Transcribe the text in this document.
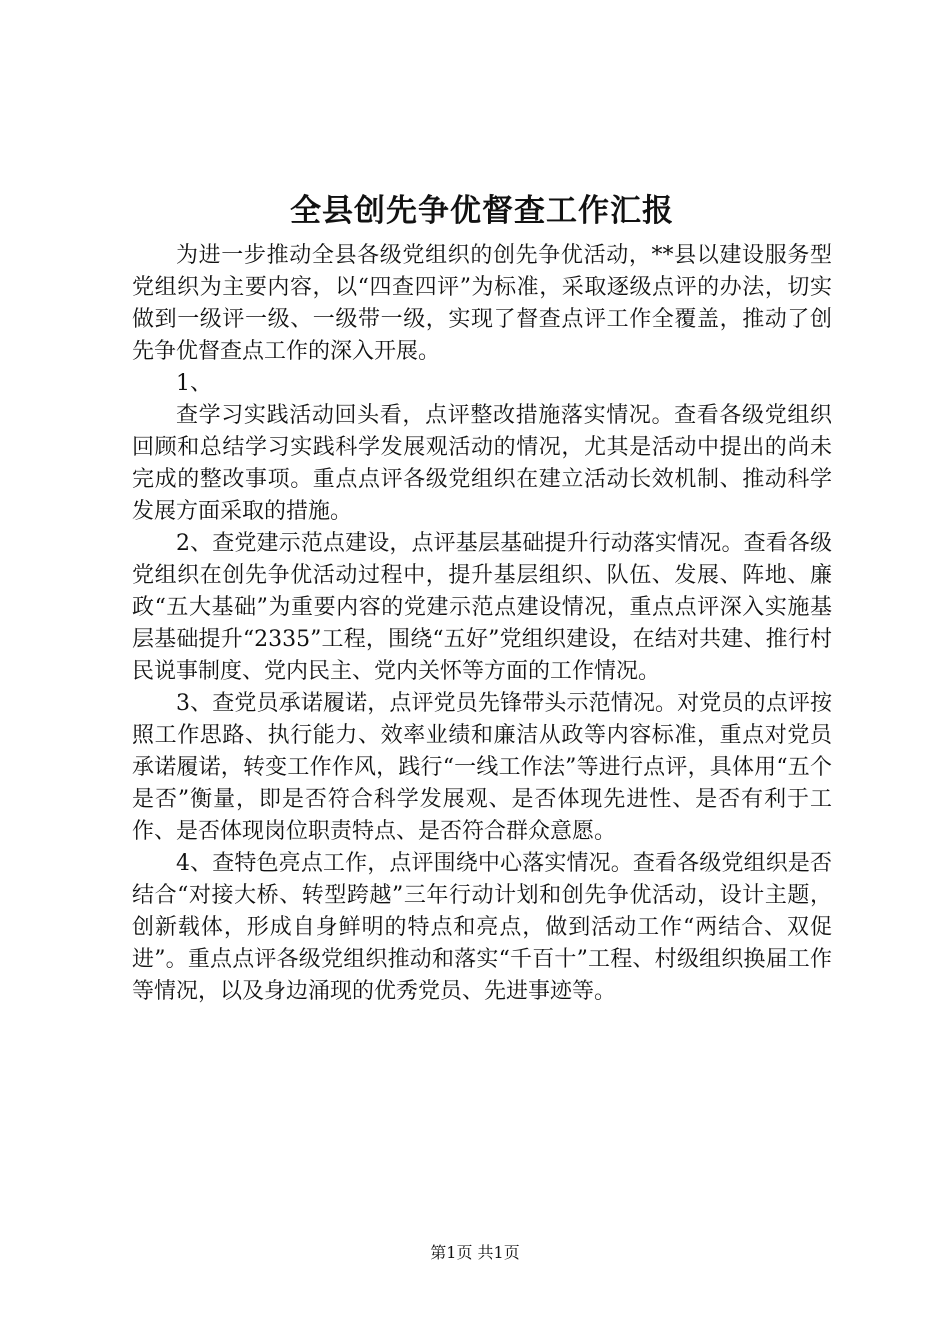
全县创先争优督查工作汇报

为进一步推动全县各级党组织的创先争优活动，**县以建设服务型党组织为主要内容，以“四查四评”为标准，采取逐级点评的办法，切实做到一级评一级、一级带一级，实现了督查点评工作全覆盖，推动了创先争优督查点工作的深入开展。

1、

查学习实践活动回头看，点评整改措施落实情况。查看各级党组织回顾和总结学习实践科学发展观活动的情况，尤其是活动中提出的尚未完成的整改事项。重点点评各级党组织在建立活动长效机制、推动科学发展方面采取的措施。

2、查党建示范点建设，点评基层基础提升行动落实情况。查看各级党组织在创先争优活动过程中，提升基层组织、队伍、发展、阵地、廉政“五大基础”为重要内容的党建示范点建设情况，重点点评深入实施基层基础提升“2335”工程，围绕“五好”党组织建设，在结对共建、推行村民说事制度、党内民主、党内关怀等方面的工作情况。

3、查党员承诺履诺，点评党员先锋带头示范情况。对党员的点评按照工作思路、执行能力、效率业绩和廉洁从政等内容标准，重点对党员承诺履诺，转变工作作风，践行“一线工作法”等进行点评，具体用“五个是否”衡量，即是否符合科学发展观、是否体现先进性、是否有利于工作、是否体现岗位职责特点、是否符合群众意愿。

4、查特色亮点工作，点评围绕中心落实情况。查看各级党组织是否结合“对接大桥、转型跨越”三年行动计划和创先争优活动，设计主题，创新载体，形成自身鲜明的特点和亮点，做到活动工作“两结合、双促进”。重点点评各级党组织推动和落实“千百十”工程、村级组织换届工作等情况，以及身边涌现的优秀党员、先进事迹等。

第1页 共1页
